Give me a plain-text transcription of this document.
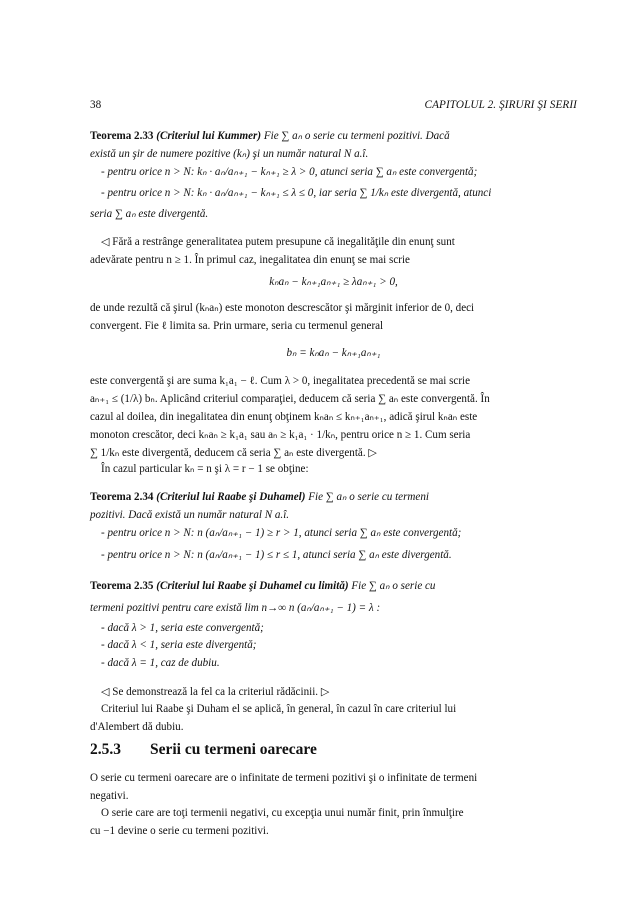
38	CAPITOLUL 2. ŞIRURI ŞI SERII
Teorema 2.33 (Criteriul lui Kummer) Fie ∑ aₙ o serie cu termeni pozitivi. Dacă
există un şir de numere pozitive (kₙ) şi un număr natural N a.î.
- pentru orice n > N: kₙ · aₙ/aₙ₊₁ − kₙ₊₁ ≥ λ > 0, atunci seria ∑ aₙ este convergentă;
- pentru orice n > N: kₙ · aₙ/aₙ₊₁ − kₙ₊₁ ≤ λ ≤ 0, iar seria ∑ 1/kₙ este divergentă, atunci
seria ∑ aₙ este divergentă.
◁ Fără a restrânge generalitatea putem presupune că inegalităţile din enunţ sunt
adevărate pentru n ≥ 1. În primul caz, inegalitatea din enunţ se mai scrie
kₙaₙ − kₙ₊₁aₙ₊₁ ≥ λaₙ₊₁ > 0,
de unde rezultă că şirul (kₙaₙ) este monoton descrescător şi mărginit inferior de 0, deci
convergent. Fie ℓ limita sa. Prin urmare, seria cu termenul general
bₙ = kₙaₙ − kₙ₊₁aₙ₊₁
este convergentă şi are suma k₁a₁ − ℓ. Cum λ > 0, inegalitatea precedentă se mai scrie
aₙ₊₁ ≤ (1/λ) bₙ. Aplicând criteriul comparaţiei, deducem că seria ∑ aₙ este convergentă. În
cazul al doilea, din inegalitatea din enunţ obţinem kₙaₙ ≤ kₙ₊₁aₙ₊₁, adică şirul kₙaₙ este
monoton crescător, deci kₙaₙ ≥ k₁a₁ sau aₙ ≥ k₁a₁ · 1/kₙ, pentru orice n ≥ 1. Cum seria
∑ 1/kₙ este divergentă, deducem că seria ∑ aₙ este divergentă. ▷
În cazul particular kₙ = n şi λ = r − 1 se obţine:
Teorema 2.34 (Criteriul lui Raabe şi Duhamel) Fie ∑ aₙ o serie cu termeni
pozitivi. Dacă există un număr natural N a.î.
- pentru orice n > N: n (aₙ/aₙ₊₁ − 1) ≥ r > 1, atunci seria ∑ aₙ este convergentă;
- pentru orice n > N: n (aₙ/aₙ₊₁ − 1) ≤ r ≤ 1, atunci seria ∑ aₙ este divergentă.
Teorema 2.35 (Criteriul lui Raabe şi Duhamel cu limită) Fie ∑ aₙ o serie cu
termeni pozitivi pentru care există lim n→∞ n (aₙ/aₙ₊₁ − 1) = λ :
- dacă λ > 1, seria este convergentă;
- dacă λ < 1, seria este divergentă;
- dacă λ = 1, caz de dubiu.
◁ Se demonstrează la fel ca la criteriul rădăcinii. ▷
Criteriul lui Raabe şi Duham el se aplică, în general, în cazul în care criteriul lui
d'Alembert dă dubiu.
2.5.3 Serii cu termeni oarecare
O serie cu termeni oarecare are o infinitate de termeni pozitivi şi o infinitate de termeni
negativi.
O serie care are toţi termenii negativi, cu excepţia unui număr finit, prin înmulţire
cu −1 devine o serie cu termeni pozitivi.
